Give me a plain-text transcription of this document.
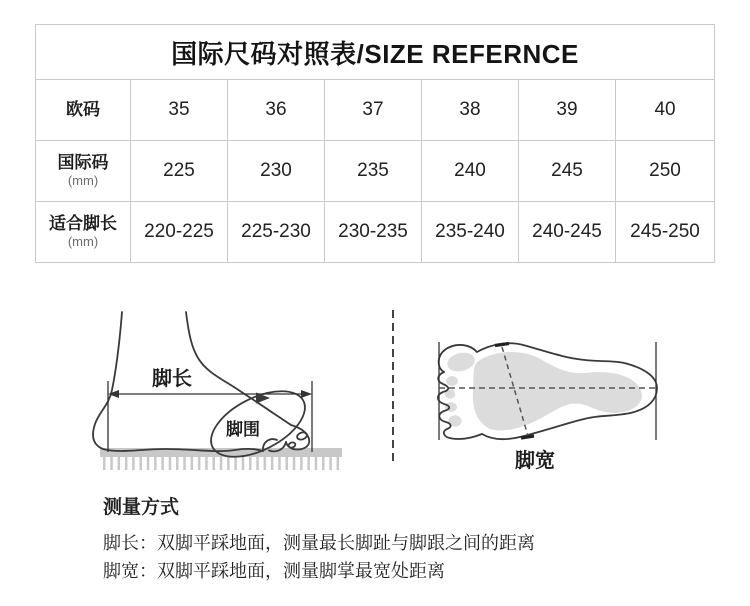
国际尺码对照表/SIZE REFERNCE						
欧码	35	36	37	38	39	40
国际码
(mm)	225	230	235	240	245	250
适合脚长
(mm)	220-225	225-230	230-235	235-240	240-245	245-250
脚长
脚围
脚宽

测量方式

脚长：双脚平踩地面，测量最长脚趾与脚跟之间的距离

脚宽：双脚平踩地面，测量脚掌最宽处距离
